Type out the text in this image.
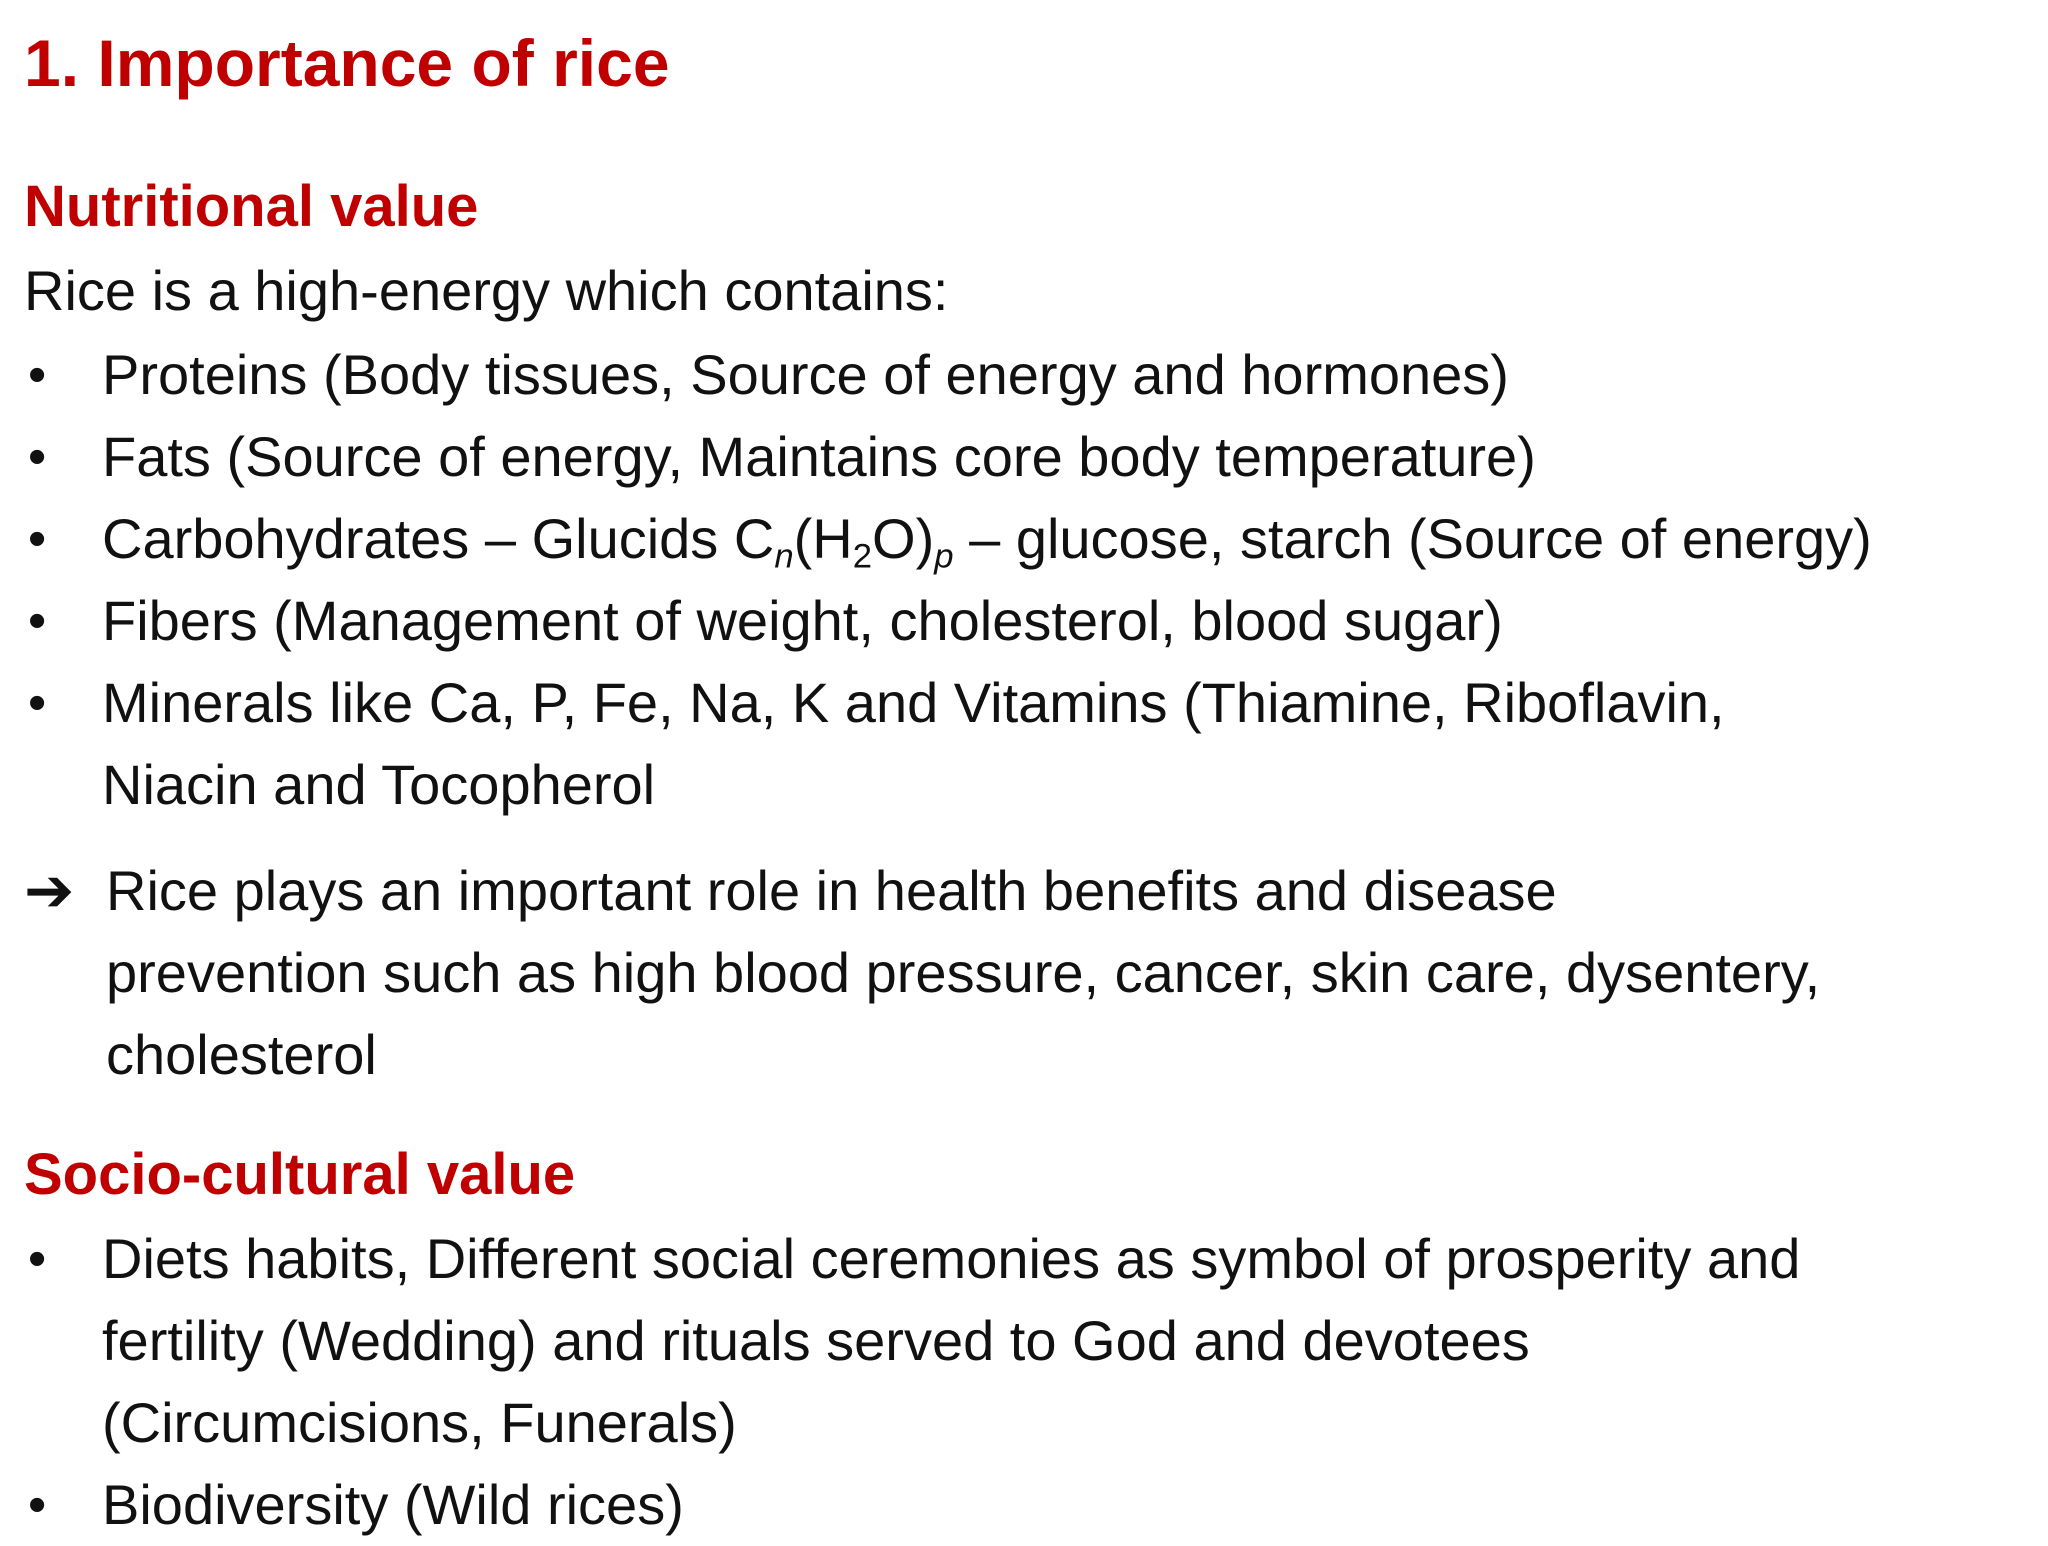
1. Importance of rice
Nutritional value
Rice is a high-energy which contains:
• Proteins (Body tissues, Source of energy and hormones)
• Fats (Source of energy, Maintains core body temperature)
• Carbohydrates – Glucids $C_n(H_2O)_p$ – glucose, starch (Source of energy)
• Fibers (Management of weight, cholesterol, blood sugar)
• Minerals like Ca, P, Fe, Na, K and Vitamins (Thiamine, Riboflavin,
Niacin and Tocopherol
➔ Rice plays an important role in health benefits and disease
prevention such as high blood pressure, cancer, skin care, dysentery,
cholesterol
Socio-cultural value
• Diets habits, Different social ceremonies as symbol of prosperity and
fertility (Wedding) and rituals served to God and devotees
(Circumcisions, Funerals)
• Biodiversity (Wild rices)
